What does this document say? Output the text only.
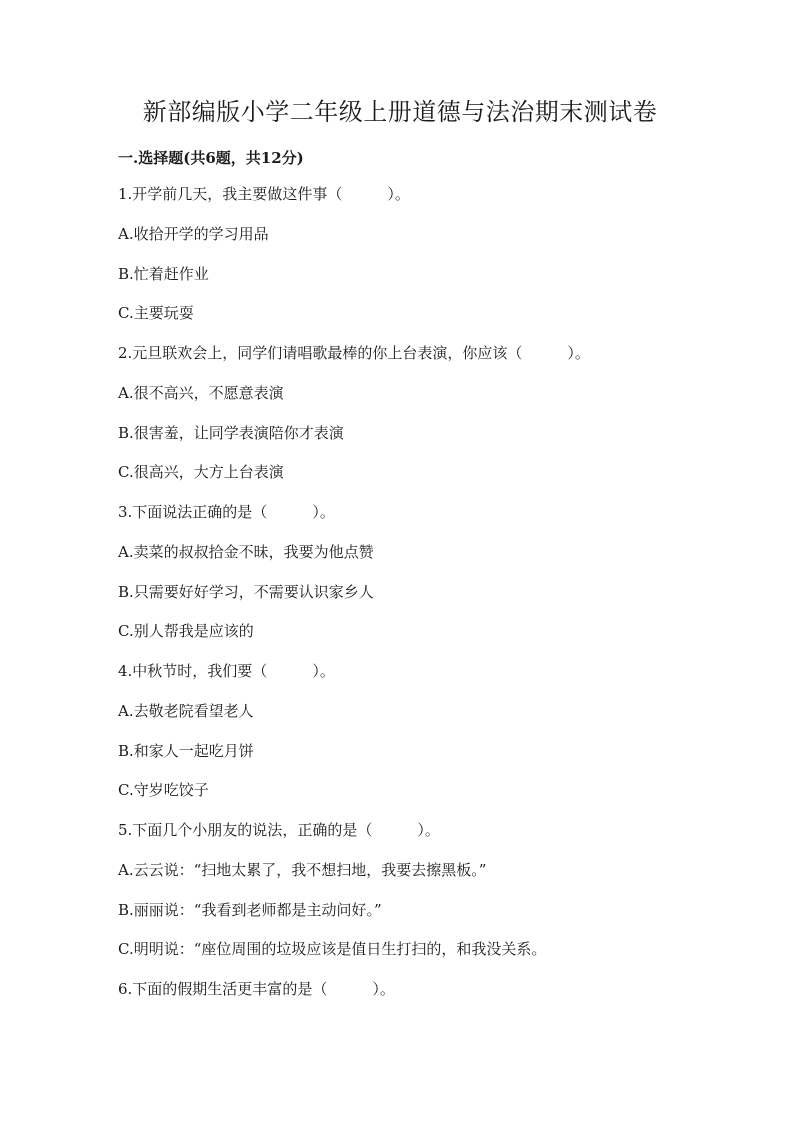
新部编版小学二年级上册道德与法治期末测试卷
一.选择题(共6题，共12分)
1.开学前几天，我主要做这件事（　　　）。
A.收拾开学的学习用品
B.忙着赶作业
C.主要玩耍
2.元旦联欢会上，同学们请唱歌最棒的你上台表演，你应该（　　　）。
A.很不高兴，不愿意表演
B.很害羞，让同学表演陪你才表演
C.很高兴，大方上台表演
3.下面说法正确的是（　　　）。
A.卖菜的叔叔拾金不昧，我要为他点赞
B.只需要好好学习，不需要认识家乡人
C.别人帮我是应该的
4.中秋节时，我们要（　　　）。
A.去敬老院看望老人
B.和家人一起吃月饼
C.守岁吃饺子
5.下面几个小朋友的说法，正确的是（　　　）。
A.云云说：“扫地太累了，我不想扫地，我要去擦黑板。”
B.丽丽说：“我看到老师都是主动问好。”
C.明明说：“座位周围的垃圾应该是值日生打扫的，和我没关系。
6.下面的假期生活更丰富的是（　　　）。
